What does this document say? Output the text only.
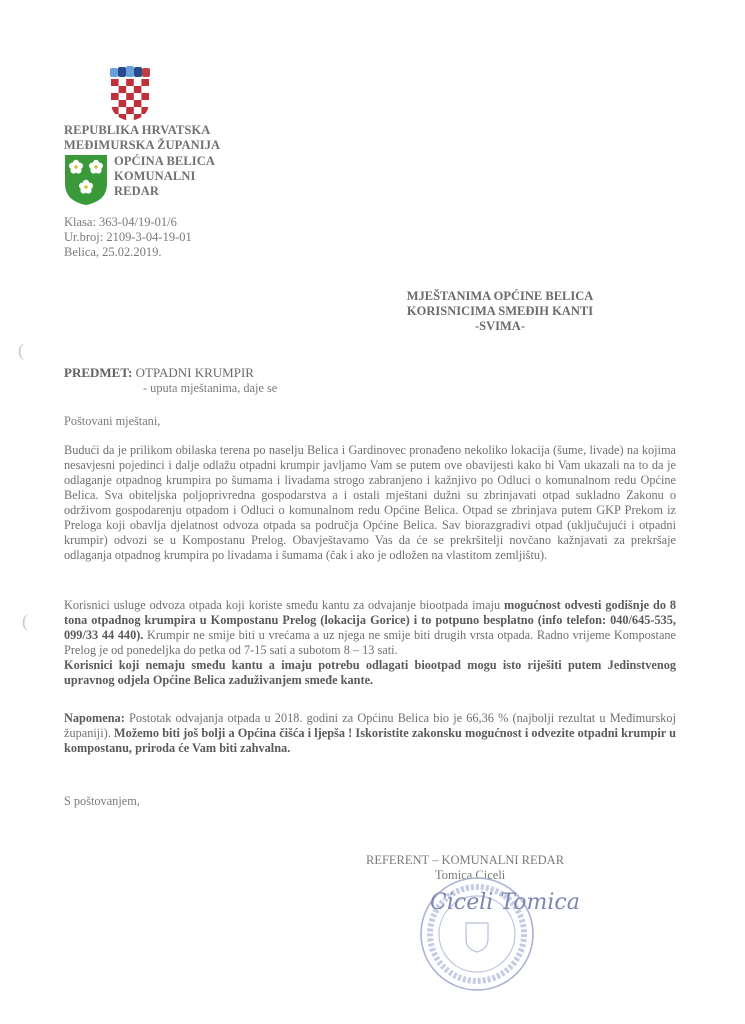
REPUBLIKA HRVATSKA
MEĐIMURSKA ŽUPANIJA
OPĆINA BELICA
KOMUNALNI
REDAR
Klasa: 363-04/19-01/6
Ur.broj: 2109-3-04-19-01
Belica, 25.02.2019.
MJEŠTANIMA OPĆINE BELICA
KORISNICIMA SMEĐIH KANTI
-SVIMA-
(
(
PREDMET: OTPADNI KRUMPIR
- uputa mještanima, daje se
Poštovani mještani,
Budući da je prilikom obilaska terena po naselju Belica i Gardinovec pronađeno nekoliko lokacija (šume, livade) na kojima nesavjesni pojedinci i dalje odlažu otpadni krumpir javljamo Vam se putem ove obavijesti kako bi Vam ukazali na to da je odlaganje otpadnog krumpira po šumama i livadama strogo zabranjeno i kažnjivo po Odluci o komunalnom redu Općine Belica. Sva obiteljska poljoprivredna gospodarstva a i ostali mještani dužni su zbrinjavati otpad sukladno Zakonu o održivom gospodarenju otpadom i Odluci o komunalnom redu Općine Belica. Otpad se zbrinjava putem GKP Prekom iz Preloga koji obavlja djelatnost odvoza otpada sa područja Općine Belica. Sav biorazgradivi otpad (uključujući i otpadni krumpir) odvozi se u Kompostanu Prelog. Obavještavamo Vas da će se prekršitelji novčano kažnjavati za prekršaje odlaganja otpadnog krumpira po livadama i šumama (čak i ako je odložen na vlastitom zemljištu).
Korisnici usluge odvoza otpada koji koriste smeđu kantu za odvajanje biootpada imaju mogućnost odvesti godišnje do 8 tona otpadnog krumpira u Kompostanu Prelog (lokacija Gorice) i to potpuno besplatno (info telefon: 040/645-535, 099/33 44 440). Krumpir ne smije biti u vrećama a uz njega ne smije biti drugih vrsta otpada. Radno vrijeme Kompostane Prelog je od ponedeljka do petka od 7-15 sati a subotom 8 – 13 sati.
Korisnici koji nemaju smeđu kantu a imaju potrebu odlagati biootpad mogu isto riješiti putem Jedinstvenog upravnog odjela Općine Belica zaduživanjem smeđe kante.
Napomena: Postotak odvajanja otpada u 2018. godini za Općinu Belica bio je 66,36 % (najbolji rezultat u Međimurskoj županiji). Možemo biti još bolji a Općina čišća i ljepša ! Iskoristite zakonsku mogućnost i odvezite otpadni krumpir u kompostanu, priroda će Vam biti zahvalna.
S poštovanjem,
REFERENT – KOMUNALNI REDAR
Tomica Ciceli
Ciceli Tomica
